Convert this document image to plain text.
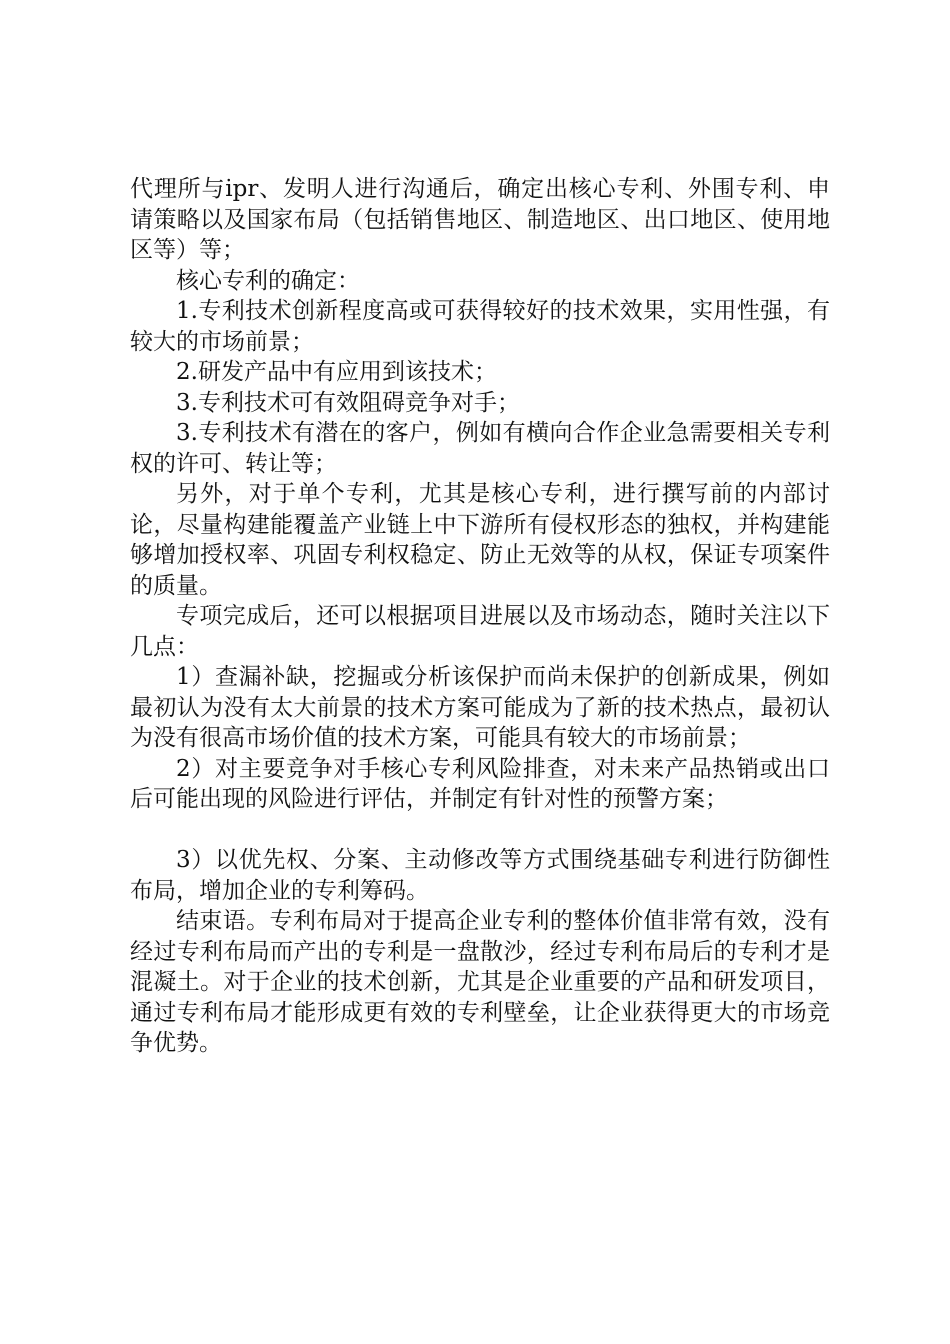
代理所与ipr、发明人进行沟通后，确定出核心专利、外围专利、申请策略以及国家布局（包括销售地区、制造地区、出口地区、使用地区等）等；

核心专利的确定：

1.专利技术创新程度高或可获得较好的技术效果，实用性强，有较大的市场前景；

2.研发产品中有应用到该技术；

3.专利技术可有效阻碍竞争对手；

3.专利技术有潜在的客户，例如有横向合作企业急需要相关专利权的许可、转让等；

另外，对于单个专利，尤其是核心专利，进行撰写前的内部讨论，尽量构建能覆盖产业链上中下游所有侵权形态的独权，并构建能够增加授权率、巩固专利权稳定、防止无效等的从权，保证专项案件的质量。

专项完成后，还可以根据项目进展以及市场动态，随时关注以下几点：

1）查漏补缺，挖掘或分析该保护而尚未保护的创新成果，例如最初认为没有太大前景的技术方案可能成为了新的技术热点，最初认为没有很高市场价值的技术方案，可能具有较大的市场前景；

2）对主要竞争对手核心专利风险排查，对未来产品热销或出口后可能出现的风险进行评估，并制定有针对性的预警方案；

3）以优先权、分案、主动修改等方式围绕基础专利进行防御性布局，增加企业的专利筹码。

结束语。专利布局对于提高企业专利的整体价值非常有效，没有经过专利布局而产出的专利是一盘散沙，经过专利布局后的专利才是混凝土。对于企业的技术创新，尤其是企业重要的产品和研发项目，通过专利布局才能形成更有效的专利壁垒，让企业获得更大的市场竞争优势。
